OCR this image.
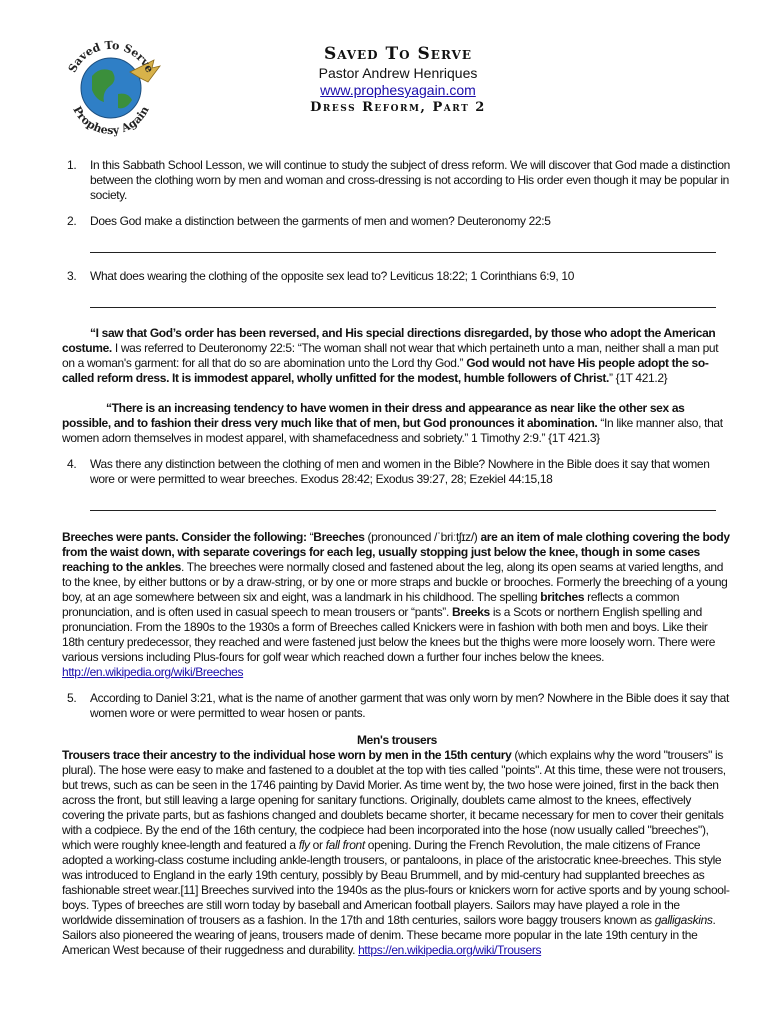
Saved To Serve
Prophesy Again
Saved To Serve
Pastor Andrew Henriques
www.prophesyagain.com
Dress Reform, Part 2
1. In this Sabbath School Lesson, we will continue to study the subject of dress reform. We will discover that God made a distinction between the clothing worn by men and woman and cross-dressing is not according to His order even though it may be popular in society.

2. Does God make a distinction between the garments of men and women? Deuteronomy 22:5

3. What does wearing the clothing of the opposite sex lead to? Leviticus 18:22; 1 Corinthians 6:9, 10

“I saw that God’s order has been reversed, and His special directions disregarded, by those who adopt the American costume. I was referred to Deuteronomy 22:5: “The woman shall not wear that which pertaineth unto a man, neither shall a man put on a woman's garment: for all that do so are abomination unto the Lord thy God.” God would not have His people adopt the so-called reform dress. It is immodest apparel, wholly unfitted for the modest, humble followers of Christ.” {1T 421.2}

“There is an increasing tendency to have women in their dress and appearance as near like the other sex as possible, and to fashion their dress very much like that of men, but God pronounces it abomination. “In like manner also, that women adorn themselves in modest apparel, with shamefacedness and sobriety.” 1 Timothy 2:9.” {1T 421.3}

4. Was there any distinction between the clothing of men and women in the Bible? Nowhere in the Bible does it say that women wore or were permitted to wear breeches. Exodus 28:42; Exodus 39:27, 28; Ezekiel 44:15,18

Breeches were pants. Consider the following: “Breeches (pronounced /ˈbriːtʃɪz/) are an item of male clothing covering the body from the waist down, with separate coverings for each leg, usually stopping just below the knee, though in some cases reaching to the ankles. The breeches were normally closed and fastened about the leg, along its open seams at varied lengths, and to the knee, by either buttons or by a draw-string, or by one or more straps and buckle or brooches. Formerly the breeching of a young boy, at an age somewhere between six and eight, was a landmark in his childhood. The spelling britches reflects a common pronunciation, and is often used in casual speech to mean trousers or “pants”. Breeks is a Scots or northern English spelling and pronunciation. From the 1890s to the 1930s a form of Breeches called Knickers were in fashion with both men and boys. Like their 18th century predecessor, they reached and were fastened just below the knees but the thighs were more loosely worn. There were various versions including Plus-fours for golf wear which reached down a further four inches below the knees.
http://en.wikipedia.org/wiki/Breeches

5. According to Daniel 3:21, what is the name of another garment that was only worn by men? Nowhere in the Bible does it say that women wore or were permitted to wear hosen or pants.

Men's trousers

Trousers trace their ancestry to the individual hose worn by men in the 15th century (which explains why the word "trousers" is plural). The hose were easy to make and fastened to a doublet at the top with ties called "points". At this time, these were not trousers, but trews, such as can be seen in the 1746 painting by David Morier. As time went by, the two hose were joined, first in the back then across the front, but still leaving a large opening for sanitary functions. Originally, doublets came almost to the knees, effectively covering the private parts, but as fashions changed and doublets became shorter, it became necessary for men to cover their genitals with a codpiece. By the end of the 16th century, the codpiece had been incorporated into the hose (now usually called "breeches"), which were roughly knee-length and featured a fly or fall front opening. During the French Revolution, the male citizens of France adopted a working-class costume including ankle-length trousers, or pantaloons, in place of the aristocratic knee-breeches. This style was introduced to England in the early 19th century, possibly by Beau Brummell, and by mid-century had supplanted breeches as fashionable street wear.[11] Breeches survived into the 1940s as the plus-fours or knickers worn for active sports and by young school-boys. Types of breeches are still worn today by baseball and American football players. Sailors may have played a role in the worldwide dissemination of trousers as a fashion. In the 17th and 18th centuries, sailors wore baggy trousers known as galligaskins. Sailors also pioneered the wearing of jeans, trousers made of denim. These became more popular in the late 19th century in the American West because of their ruggedness and durability. https://en.wikipedia.org/wiki/Trousers
